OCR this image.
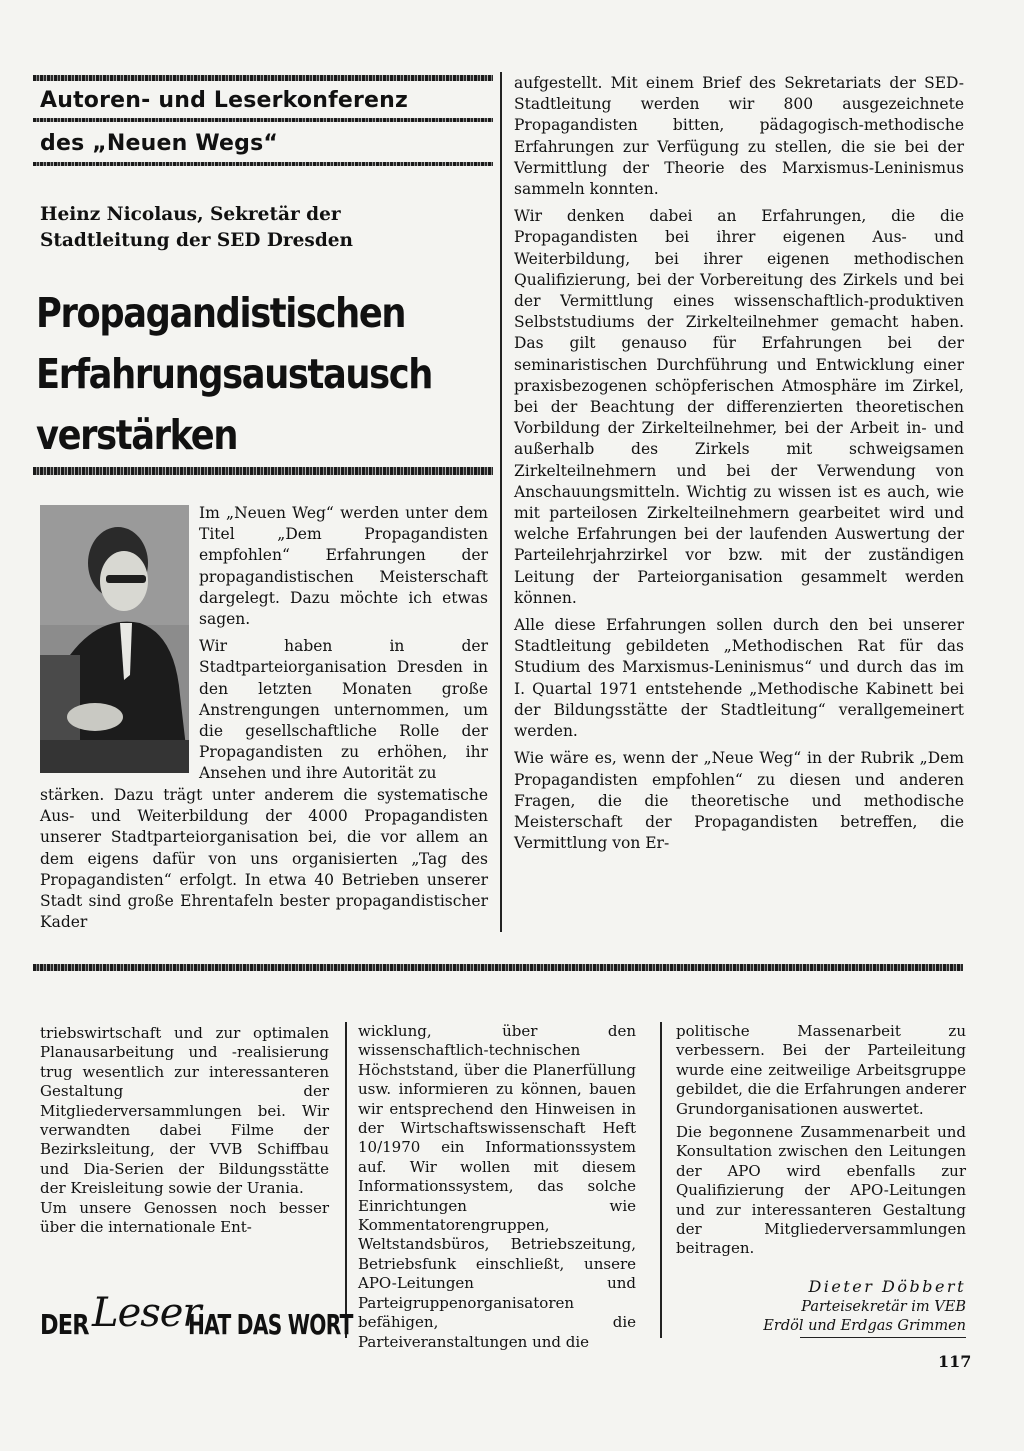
Autoren- und Leserkonferenz
des „Neuen Wegs“
Heinz Nicolaus, Sekretär der
Stadtleitung der SED Dresden
Propagandistischen
Erfahrungsaustausch
verstärken

Im „Neuen Weg“ werden unter dem Titel „Dem Propagandisten empfohlen“ Erfahrungen der propagandistischen Meisterschaft dargelegt. Dazu möchte ich etwas sagen.

Wir haben in der Stadtparteiorganisation Dresden in den letzten Monaten große Anstrengungen unternommen, um die gesellschaftliche Rolle der Propagandisten zu erhöhen, ihr Ansehen und ihre Autorität zu

stärken. Dazu trägt unter anderem die systematische Aus- und Weiterbildung der 4000 Propagandisten unserer Stadtparteiorganisation bei, die vor allem an dem eigens dafür von uns organisierten „Tag des Propagandisten“ erfolgt. In etwa 40 Betrieben unserer Stadt sind große Ehrentafeln bester propagandistischer Kader

aufgestellt. Mit einem Brief des Sekretariats der SED-Stadtleitung werden wir 800 ausgezeichnete Propagandisten bitten, pädagogisch-methodische Erfahrungen zur Verfügung zu stellen, die sie bei der Vermittlung der Theorie des Marxismus-Leninismus sammeln konnten.

Wir denken dabei an Erfahrungen, die die Propagandisten bei ihrer eigenen Aus- und Weiterbildung, bei ihrer eigenen methodischen Qualifizierung, bei der Vorbereitung des Zirkels und bei der Vermittlung eines wissenschaftlich-produktiven Selbststudiums der Zirkelteilnehmer gemacht haben. Das gilt genauso für Erfahrungen bei der seminaristischen Durchführung und Entwicklung einer praxisbezogenen schöpferischen Atmosphäre im Zirkel, bei der Beachtung der differenzierten theoretischen Vorbildung der Zirkelteilnehmer, bei der Arbeit in- und außerhalb des Zirkels mit schweigsamen Zirkelteilnehmern und bei der Verwendung von Anschauungsmitteln. Wichtig zu wissen ist es auch, wie mit parteilosen Zirkelteilnehmern gearbeitet wird und welche Erfahrungen bei der laufenden Auswertung der Parteilehrjahrzirkel vor bzw. mit der zuständigen Leitung der Parteiorganisation gesammelt werden können.

Alle diese Erfahrungen sollen durch den bei unserer Stadtleitung gebildeten „Methodischen Rat für das Studium des Marxismus-Leninismus“ und durch das im I. Quartal 1971 entstehende „Methodische Kabinett bei der Bildungsstätte der Stadtleitung“ verallgemeinert werden.

Wie wäre es, wenn der „Neue Weg“ in der Rubrik „Dem Propagandisten empfohlen“ zu diesen und anderen Fragen, die die theoretische und methodische Meisterschaft der Propagandisten betreffen, die Vermittlung von Er-

triebswirtschaft und zur optimalen Planausarbeitung und -realisierung trug wesentlich zur interessanteren Gestaltung der Mitgliederversammlungen bei. Wir verwandten dabei Filme der Bezirksleitung, der VVB Schiffbau und Dia-Serien der Bildungsstätte der Kreisleitung sowie der Urania.

Um unsere Genossen noch besser über die internationale Ent-

wicklung, über den wissenschaftlich-technischen Höchststand, über die Planerfüllung usw. informieren zu können, bauen wir entsprechend den Hinweisen in der Wirtschaftswissenschaft Heft 10/1970 ein Informationssystem auf. Wir wollen mit diesem Informationssystem, das solche Einrichtungen wie Kommentatorengruppen, Weltstandsbüros, Betriebszeitung, Betriebsfunk einschließt, unsere APO-Leitungen und Parteigruppenorganisatoren befähigen, die Parteiveranstaltungen und die

politische Massenarbeit zu verbessern. Bei der Parteileitung wurde eine zeitweilige Arbeitsgruppe gebildet, die die Erfahrungen anderer Grundorganisationen auswertet.

Die begonnene Zusammenarbeit und Konsultation zwischen den Leitungen der APO wird ebenfalls zur Qualifizierung der APO-Leitungen und zur interessanteren Gestaltung der Mitgliederversammlungen beitragen.

Dieter Döbbert
Parteisekretär im VEB
Erdöl und Erdgas Grimmen
DER Leser
HAT DAS WORT
117
